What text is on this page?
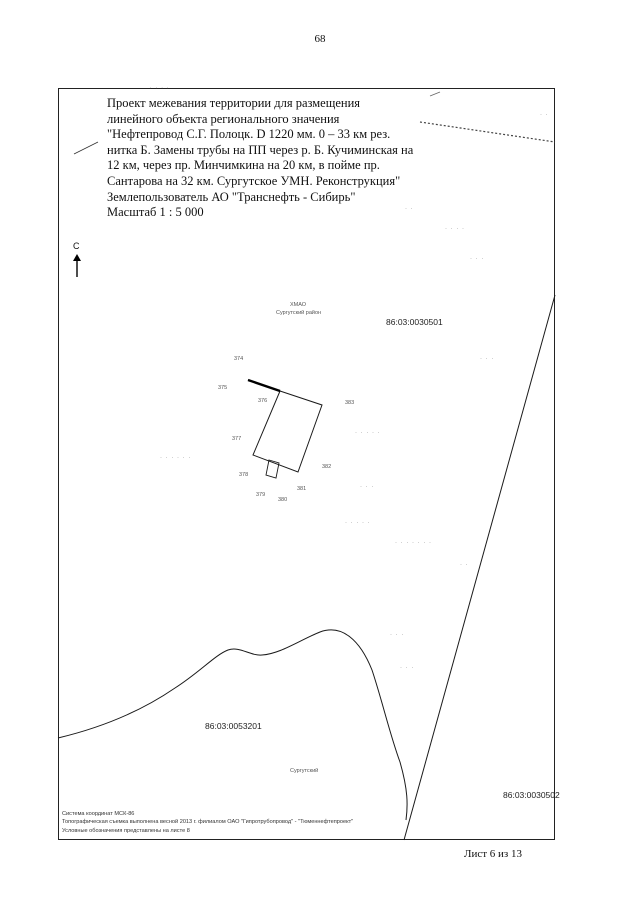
68
Проект межевания территории для размещения
линейного объекта регионального значения
"Нефтепровод С.Г. Полоцк. D 1220 мм. 0 – 33 км рез.
нитка Б. Замены трубы на ПП через р. Б. Кучиминская на
12 км, через пр. Минчимкина на 20 км, в пойме пр.
Сантарова на 32 км. Сургутское УМН. Реконструкция"
Землепользователь АО "Транснефть - Сибирь"
Масштаб 1 : 5 000
С
86:03:0030501
86:03:0053201
86:03:0030502
ХМАО
Сургутский район
Сургутский
374
375
376
377
378
379
380
381
382
383
˙ ˙ ˙ ˙
· ·
· · · ·
· · ·
· · ·
· · · · ·
· · · · · ·
· · ·
· · · · ·
· · · · · · ·
· ·
· · ·
· · ·
· ·
Система координат МСК-86
Топографическая съемка выполнена весной 2013 г. филиалом ОАО "Гипротрубопровод" - "Тюменнефтепроект"
Условные обозначения представлены на листе 8
Лист 6 из 13
